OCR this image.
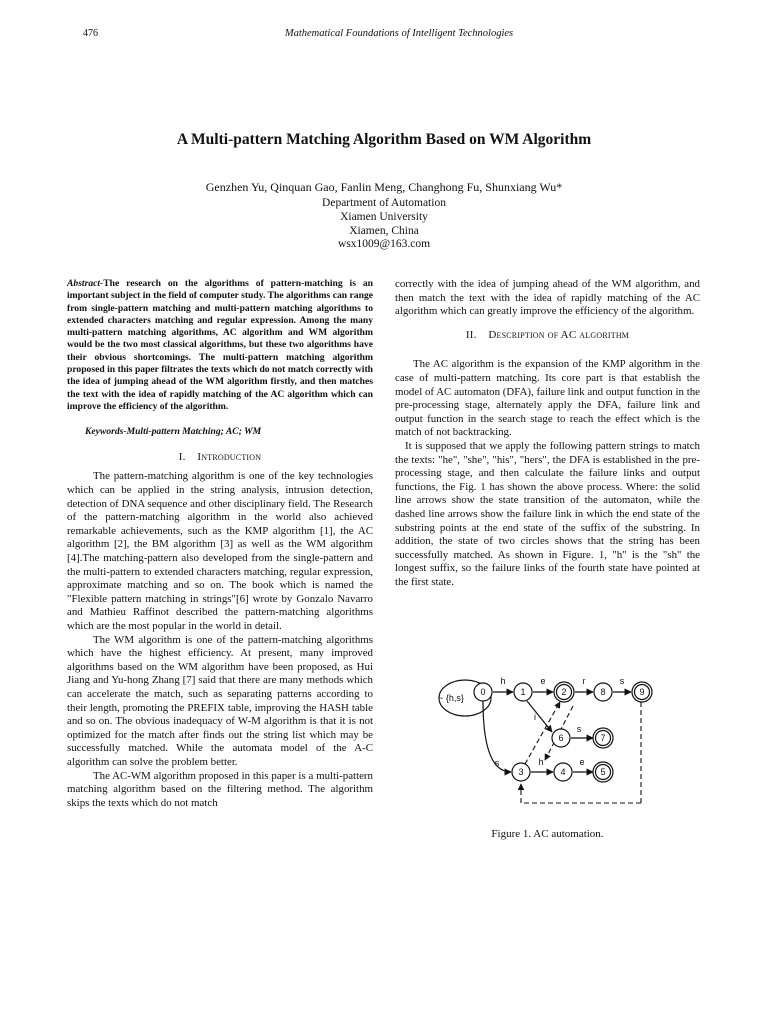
476	Mathematical Foundations of Intelligent Technologies
A Multi-pattern Matching Algorithm Based on WM Algorithm
Genzhen Yu, Qinquan Gao, Fanlin Meng, Changhong Fu, Shunxiang Wu*
Department of Automation
Xiamen University
Xiamen, China
wsx1009@163.com

Abstract-The research on the algorithms of pattern-matching is an important subject in the field of computer study. The algorithms can range from single-pattern matching and multi-pattern matching algorithms to extended characters matching and regular expression. Among the many multi-pattern matching algorithms, AC algorithm and WM algorithm would be the two most classical algorithms, but these two algorithms have their obvious shortcomings. The multi-pattern matching algorithm proposed in this paper filtrates the texts which do not match correctly with the idea of jumping ahead of the WM algorithm firstly, and then matches the text with the idea of rapidly matching of the AC algorithm which can improve the efficiency of the algorithm.

Keywords-Multi-pattern Matching; AC; WM

I. Introduction

The pattern-matching algorithm is one of the key technologies which can be applied in the string analysis, intrusion detection, detection of DNA sequence and other disciplinary field. The Research of the pattern-matching algorithm in the world also achieved remarkable achievements, such as the KMP algorithm [1], the AC algorithm [2], the BM algorithm [3] as well as the WM algorithm [4].The matching-pattern also developed from the single-pattern and the multi-pattern to extended characters matching, regular expression, approximate matching and so on. The book which is named the "Flexible pattern matching in strings"[6] wrote by Gonzalo Navarro and Mathieu Raffinot described the pattern-matching algorithms which are the most popular in the world in detail.

The WM algorithm is one of the pattern-matching algorithms which have the highest efficiency. At present, many improved algorithms based on the WM algorithm have been proposed, as Hui Jiang and Yu-hong Zhang [7] said that there are many methods which can accelerate the match, such as separating patterns according to their length, promoting the PREFIX table, improving the HASH table and so on. The obvious inadequacy of W-M algorithm is that it is not optimized for the match after finds out the string list which may be successfully matched. While the automata model of the A-C algorithm can solve the problem better.

The AC-WM algorithm proposed in this paper is a multi-pattern matching algorithm based on the filtering method. The algorithm skips the texts which do not match

correctly with the idea of jumping ahead of the WM algorithm, and then match the text with the idea of rapidly matching of the AC algorithm which can greatly improve the efficiency of the algorithm.

II. Description of AC algorithm

The AC algorithm is the expansion of the KMP algorithm in the case of multi-pattern matching. Its core part is that establish the model of AC automaton (DFA), failure link and output function in the pre-processing stage, alternately apply the DFA, failure link and output function in the search stage to reach the effect which is the match of not backtracking.

It is supposed that we apply the following pattern strings to match the texts: "he", "she", "his", "hers", the DFA is established in the pre-processing stage, and then calculate the failure links and output functions, the Fig. 1 has shown the above process. Where: the solid line arrows show the state transition of the automaton, while the dashed line arrows show the failure link in which the end state of the substring points at the end state of the suffix of the substring. In addition, the state of two circles shows that the string has been successfully matched. As shown in Figure. 1, "h" is the "sh" the longest suffix, so the failure links of the fourth state have pointed at the first state.

0	1	2	8	9
6	7
3	4	5
~ {h,s}
h	e	r	s
i
s
s	h	e
Figure 1. AC automation.
